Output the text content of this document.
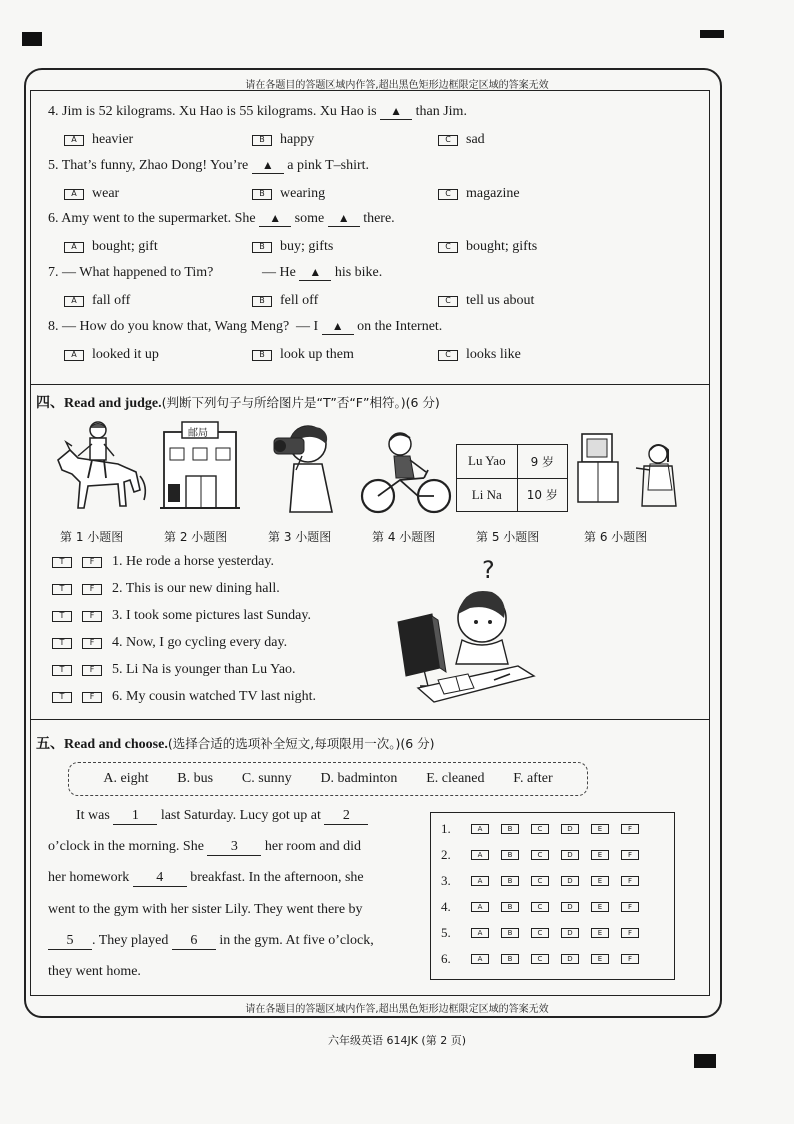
请在各题目的答题区域内作答,超出黑色矩形边框限定区域的答案无效
4. Jim is 52 kilograms. Xu Hao is 55 kilograms. Xu Hao is ▲ than Jim.
A	heavier	B	happy	C	sad
5. That’s funny, Zhao Dong! You’re ▲ a pink T–shirt.
A	wear	B	wearing	C	magazine
6. Amy went to the supermarket. She ▲ some ▲ there.
A	bought; gift	B	buy; gifts	C	bought; gifts
7. — What happened to Tim?	— He ▲ his bike.
A	fall off	B	fell off	C	tell us about
8. — How do you know that, Wang Meng? — I ▲ on the Internet.
A	looked it up	B	look up them	C	looks like
四、Read and judge.(判断下列句子与所给图片是“T”否“F”相符。)(6 分)
邮局
Lu Yao	9 岁
Li Na	10 岁
第 1 小题图	第 2 小题图	第 3 小题图	第 4 小题图	第 5 小题图	第 6 小题图
T	F	1. He rode a horse yesterday.
T	F	2. This is our new dining hall.
T	F	3. I took some pictures last Sunday.
T	F	4. Now, I go cycling every day.
T	F	5. Li Na is younger than Lu Yao.
T	F	6. My cousin watched TV last night.
?
五、Read and choose.(选择合适的选项补全短文,每项限用一次。)(6 分)
A. eight B. bus C. sunny D. badminton E. cleaned F. after
It was 1 last Saturday. Lucy got up at 2
o’clock in the morning. She 3 her room and did
her homework 4 breakfast. In the afternoon, she
went to the gym with her sister Lily. They went there by
5 . They played 6 in the gym. At five o’clock,
they went home.
1.	A	B	C	D	E	F
2.	A	B	C	D	E	F
3.	A	B	C	D	E	F
4.	A	B	C	D	E	F
5.	A	B	C	D	E	F
6.	A	B	C	D	E	F
请在各题目的答题区域内作答,超出黑色矩形边框限定区域的答案无效
六年级英语 614JK (第 2 页)
